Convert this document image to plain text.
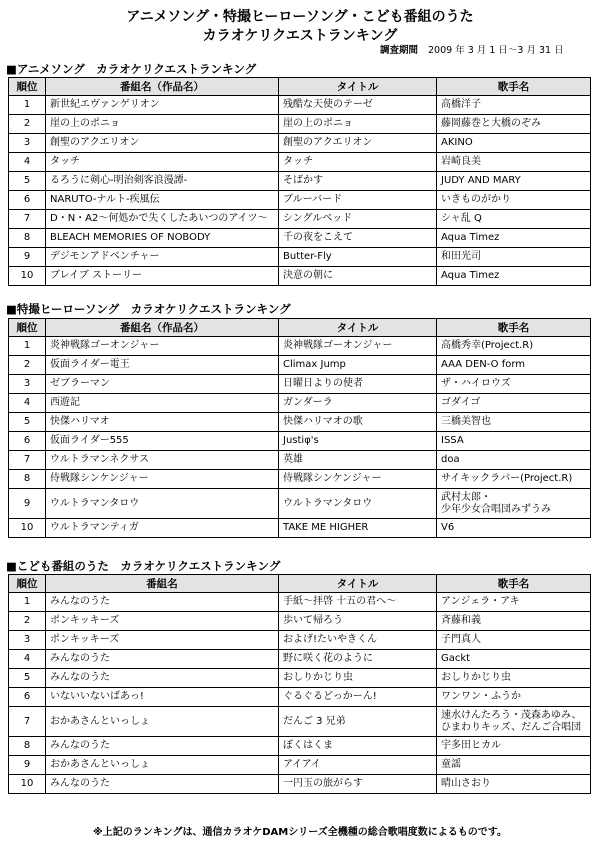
アニメソング・特撮ヒーローソング・こども番組のうた
カラオケリクエストランキング
調査期間 2009 年 3 月 1 日～3 月 31 日
■アニメソング　カラオケリクエストランキング
順位	番組名（作品名）	タイトル	歌手名
1	新世紀エヴァンゲリオン	残酷な天使のテーゼ	高橋洋子
2	崖の上のポニョ	崖の上のポニョ	藤岡藤巻と大橋のぞみ
3	創聖のアクエリオン	創聖のアクエリオン	AKINO
4	タッチ	タッチ	岩崎良美
5	るろうに剣心-明治剣客浪漫譚-	そばかす	JUDY AND MARY
6	NARUTO-ナルト-疾風伝	ブルーバード	いきものがかり
7	D・N・A2～何処かで失くしたあいつのアイツ～	シングルベッド	シャ乱 Q
8	BLEACH MEMORIES OF NOBODY	千の夜をこえて	Aqua Timez
9	デジモンアドベンチャー	Butter-Fly	和田光司
10	ブレイブ ストーリー	決意の朝に	Aqua Timez
■特撮ヒーローソング　カラオケリクエストランキング
順位	番組名（作品名）	タイトル	歌手名
1	炎神戦隊ゴーオンジャー	炎神戦隊ゴーオンジャー	高橋秀幸(Project.R)
2	仮面ライダー電王	Climax Jump	AAA DEN-O form
3	ゼブラーマン	日曜日よりの使者	ザ・ハイロウズ
4	西遊記	ガンダーラ	ゴダイゴ
5	快傑ハリマオ	快傑ハリマオの歌	三橋美智也
6	仮面ライダー555	Justiφ's	ISSA
7	ウルトラマンネクサス	英雄	doa
8	侍戦隊シンケンジャー	侍戦隊シンケンジャー	サイキックラバー(Project.R)
9	ウルトラマンタロウ	ウルトラマンタロウ	武村太郎・
少年少女合唱団みずうみ

10	ウルトラマンティガ	TAKE ME HIGHER	V6
■こども番組のうた　カラオケリクエストランキング
順位	番組名	タイトル	歌手名
1	みんなのうた	手紙～拝啓 十五の君へ～	アンジェラ・アキ
2	ポンキッキーズ	歩いて帰ろう	斉藤和義
3	ポンキッキーズ	およげ!たいやきくん	子門真人
4	みんなのうた	野に咲く花のように	Gackt
5	みんなのうた	おしりかじり虫	おしりかじり虫
6	いないいないばあっ!	ぐるぐるどっかーん!	ワンワン・ふうか
7	おかあさんといっしょ	だんご 3 兄弟	速水けんたろう・茂森あゆみ、
ひまわりキッズ、だんご合唱団

8	みんなのうた	ぼくはくま	宇多田ヒカル
9	おかあさんといっしょ	アイアイ	童謡
10	みんなのうた	一円玉の旅がらす	晴山さおり
※上記のランキングは、通信カラオケDAMシリーズ全機種の総合歌唱度数によるものです。
